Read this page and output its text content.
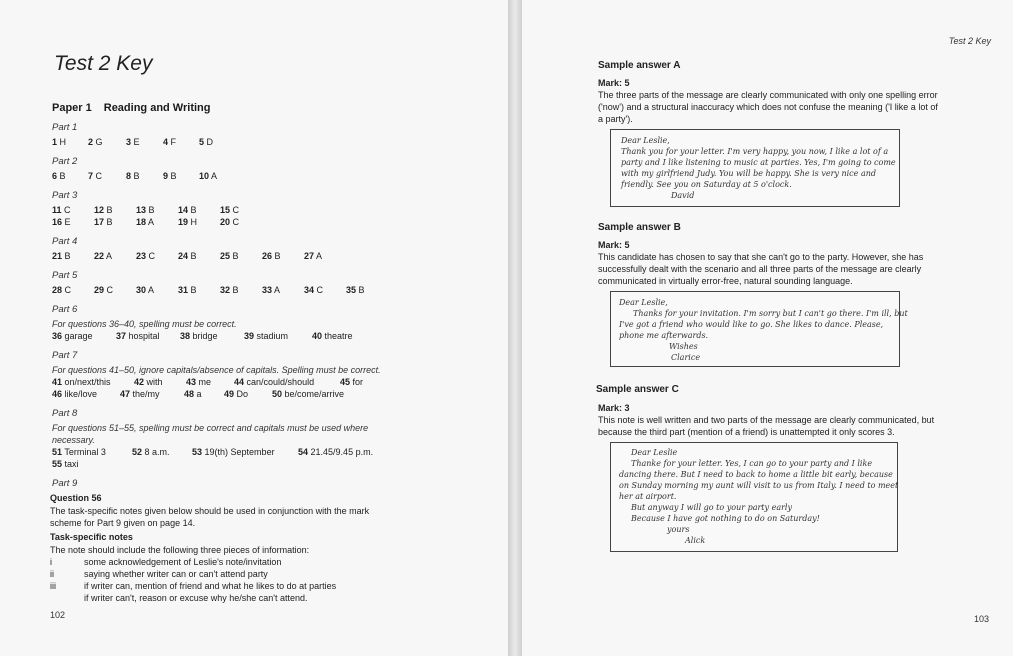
Test 2 Key
Paper 1 Reading and Writing
Part 1
1 H 2 G	3 E	4 F	5 D
Part 2
6 B 7 C	8 B	9 B 10 A
Part 3
11 C	12 B	13 B	14 B	15 C
16 E	17 B	18 A	19 H	20 C
Part 4
21 B	22 A	23 C	24 B	25 B	26 B	27 A
Part 5
28 C	29 C	30 A	31 B	32 B	33 A	34 C	35 B
Part 6
For questions 36–40, spelling must be correct.
36 garage	37 hospital 38 bridge	39 stadium	40 theatre
Part 7
For questions 41–50, ignore capitals/absence of capitals. Spelling must be correct.
41 on/next/this	42 with	43 me	44 can/could/should	45 for
46 like/love	47 the/my	48 a 49 Do	50 be/come/arrive
Part 8
For questions 51–55, spelling must be correct and capitals must be used where
necessary.
51 Terminal 3	52 8 a.m. 53 19(th) September	54 21.45/9.45 p.m.
55 taxi
Part 9
Question 56
The task-specific notes given below should be used in conjunction with the mark
scheme for Part 9 given on page 14.
Task-specific notes
The note should include the following three pieces of information:
i	some acknowledgement of Leslie's note/invitation
ii	saying whether writer can or can't attend party
iii	if writer can, mention of friend and what he likes to do at parties
if writer can't, reason or excuse why he/she can't attend.
102
Test 2 Key
Sample answer A
Mark: 5
The three parts of the message are clearly communicated with only one spelling error
('now') and a structural inaccuracy which does not confuse the meaning ('I like a lot of
a party').
Dear Leslie,
Thank you for your letter. I'm very happy, you now, I like a lot of a
party and I like listening to music at parties. Yes, I'm going to come
with my girlfriend Judy. You will be happy. She is very nice and
friendly. See you on Saturday at 5 o'clock.
David
Sample answer B
Mark: 5
This candidate has chosen to say that she can't go to the party. However, she has
successfully dealt with the scenario and all three parts of the message are clearly
communicated in virtually error-free, natural sounding language.
Dear Leslie,
Thanks for your invitation. I'm sorry but I can't go there. I'm ill, but
I've got a friend who would like to go. She likes to dance. Please,
phone me afterwards.
Wishes
Clarice
Sample answer C
Mark: 3
This note is well written and two parts of the message are clearly communicated, but
because the third part (mention of a friend) is unattempted it only scores 3.
Dear Leslie
Thanke for your letter. Yes, I can go to your party and I like
dancing there. But I need to back to home a little bit early, because
on Sunday morning my aunt will visit to us from Italy. I need to meet
her at airport.
But anyway I will go to your party early
Because I have got nothing to do on Saturday!
yours
Alick
103
